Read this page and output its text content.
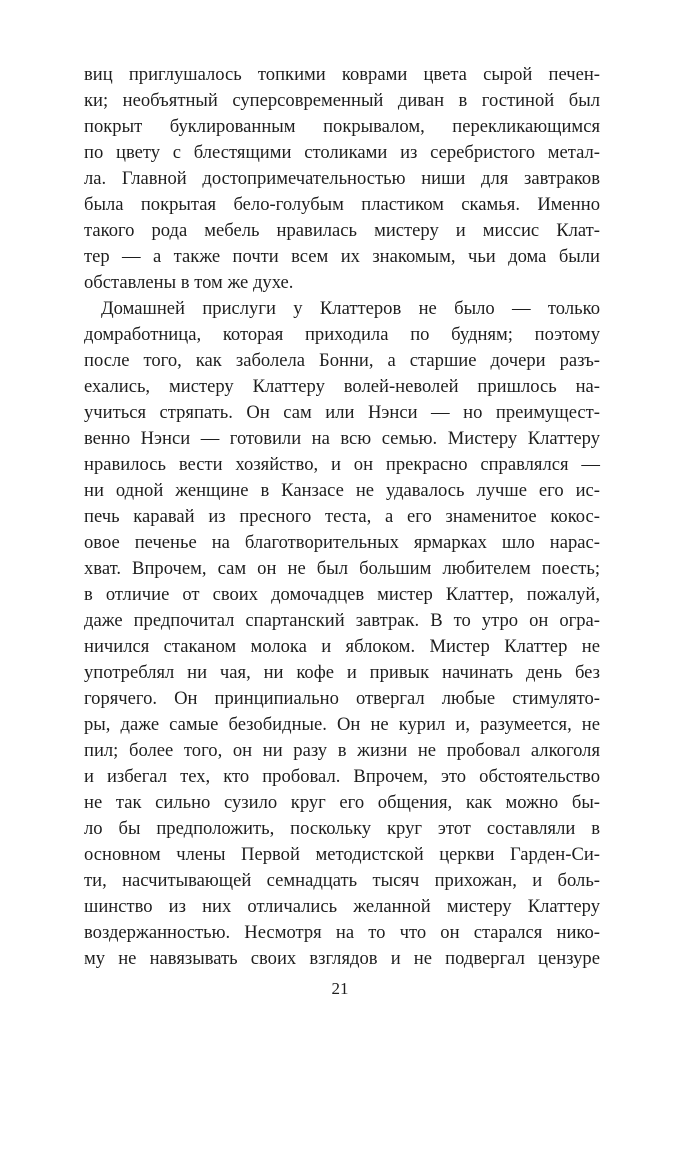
виц приглушалось топкими коврами цвета сырой печен-
ки; необъятный суперсовременный диван в гостиной был
покрыт буклированным покрывалом, перекликающимся
по цвету с блестящими столиками из серебристого метал-
ла. Главной достопримечательностью ниши для завтраков
была покрытая бело-голубым пластиком скамья. Именно
такого рода мебель нравилась мистеру и миссис Клат-
тер — а также почти всем их знакомым, чьи дома были
обставлены в том же духе.
Домашней прислуги у Клаттеров не было — только
домработница, которая приходила по будням; поэтому
после того, как заболела Бонни, а старшие дочери разъ-
ехались, мистеру Клаттеру волей-неволей пришлось на-
учиться стряпать. Он сам или Нэнси — но преимущест-
венно Нэнси — готовили на всю семью. Мистеру Клаттеру
нравилось вести хозяйство, и он прекрасно справлялся —
ни одной женщине в Канзасе не удавалось лучше его ис-
печь каравай из пресного теста, а его знаменитое кокос-
овое печенье на благотворительных ярмарках шло нарас-
хват. Впрочем, сам он не был большим любителем поесть;
в отличие от своих домочадцев мистер Клаттер, пожалуй,
даже предпочитал спартанский завтрак. В то утро он огра-
ничился стаканом молока и яблоком. Мистер Клаттер не
употреблял ни чая, ни кофе и привык начинать день без
горячего. Он принципиально отвергал любые стимулято-
ры, даже самые безобидные. Он не курил и, разумеется, не
пил; более того, он ни разу в жизни не пробовал алкоголя
и избегал тех, кто пробовал. Впрочем, это обстоятельство
не так сильно сузило круг его общения, как можно бы-
ло бы предположить, поскольку круг этот составляли в
основном члены Первой методистской церкви Гарден-Си-
ти, насчитывающей семнадцать тысяч прихожан, и боль-
шинство из них отличались желанной мистеру Клаттеру
воздержанностью. Несмотря на то что он старался нико-
му не навязывать своих взглядов и не подвергал цензуре
21
